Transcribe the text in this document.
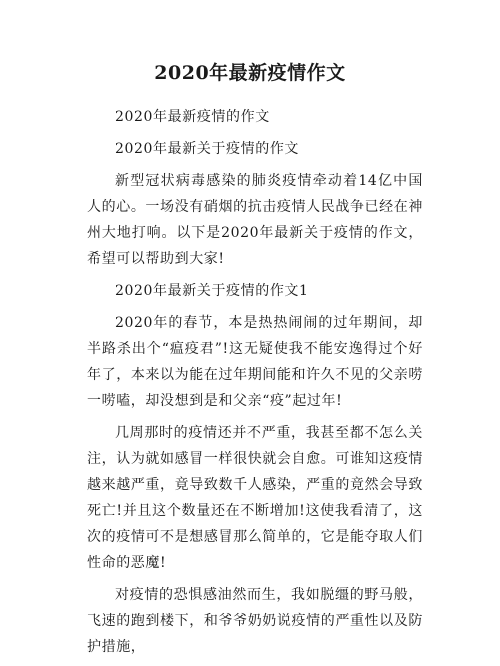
2020年最新疫情作文

2020年最新疫情的作文

2020年最新关于疫情的作文

新型冠状病毒感染的肺炎疫情牵动着14亿中国人的心。一场没有硝烟的抗击疫情人民战争已经在神州大地打响。以下是2020年最新关于疫情的作文，希望可以帮助到大家!

2020年最新关于疫情的作文1

2020年的春节，本是热热闹闹的过年期间，却半路杀出个“瘟疫君”!这无疑使我不能安逸得过个好年了，本来以为能在过年期间能和许久不见的父亲唠一唠嗑，却没想到是和父亲“疫”起过年!

几周那时的疫情还并不严重，我甚至都不怎么关注，认为就如感冒一样很快就会自愈。可谁知这疫情越来越严重，竟导致数千人感染，严重的竟然会导致死亡!并且这个数量还在不断增加!这使我看清了，这次的疫情可不是想感冒那么简单的，它是能夺取人们性命的恶魔!

对疫情的恐惧感油然而生，我如脱缰的野马般，飞速的跑到楼下，和爷爷奶奶说疫情的严重性以及防护措施，
